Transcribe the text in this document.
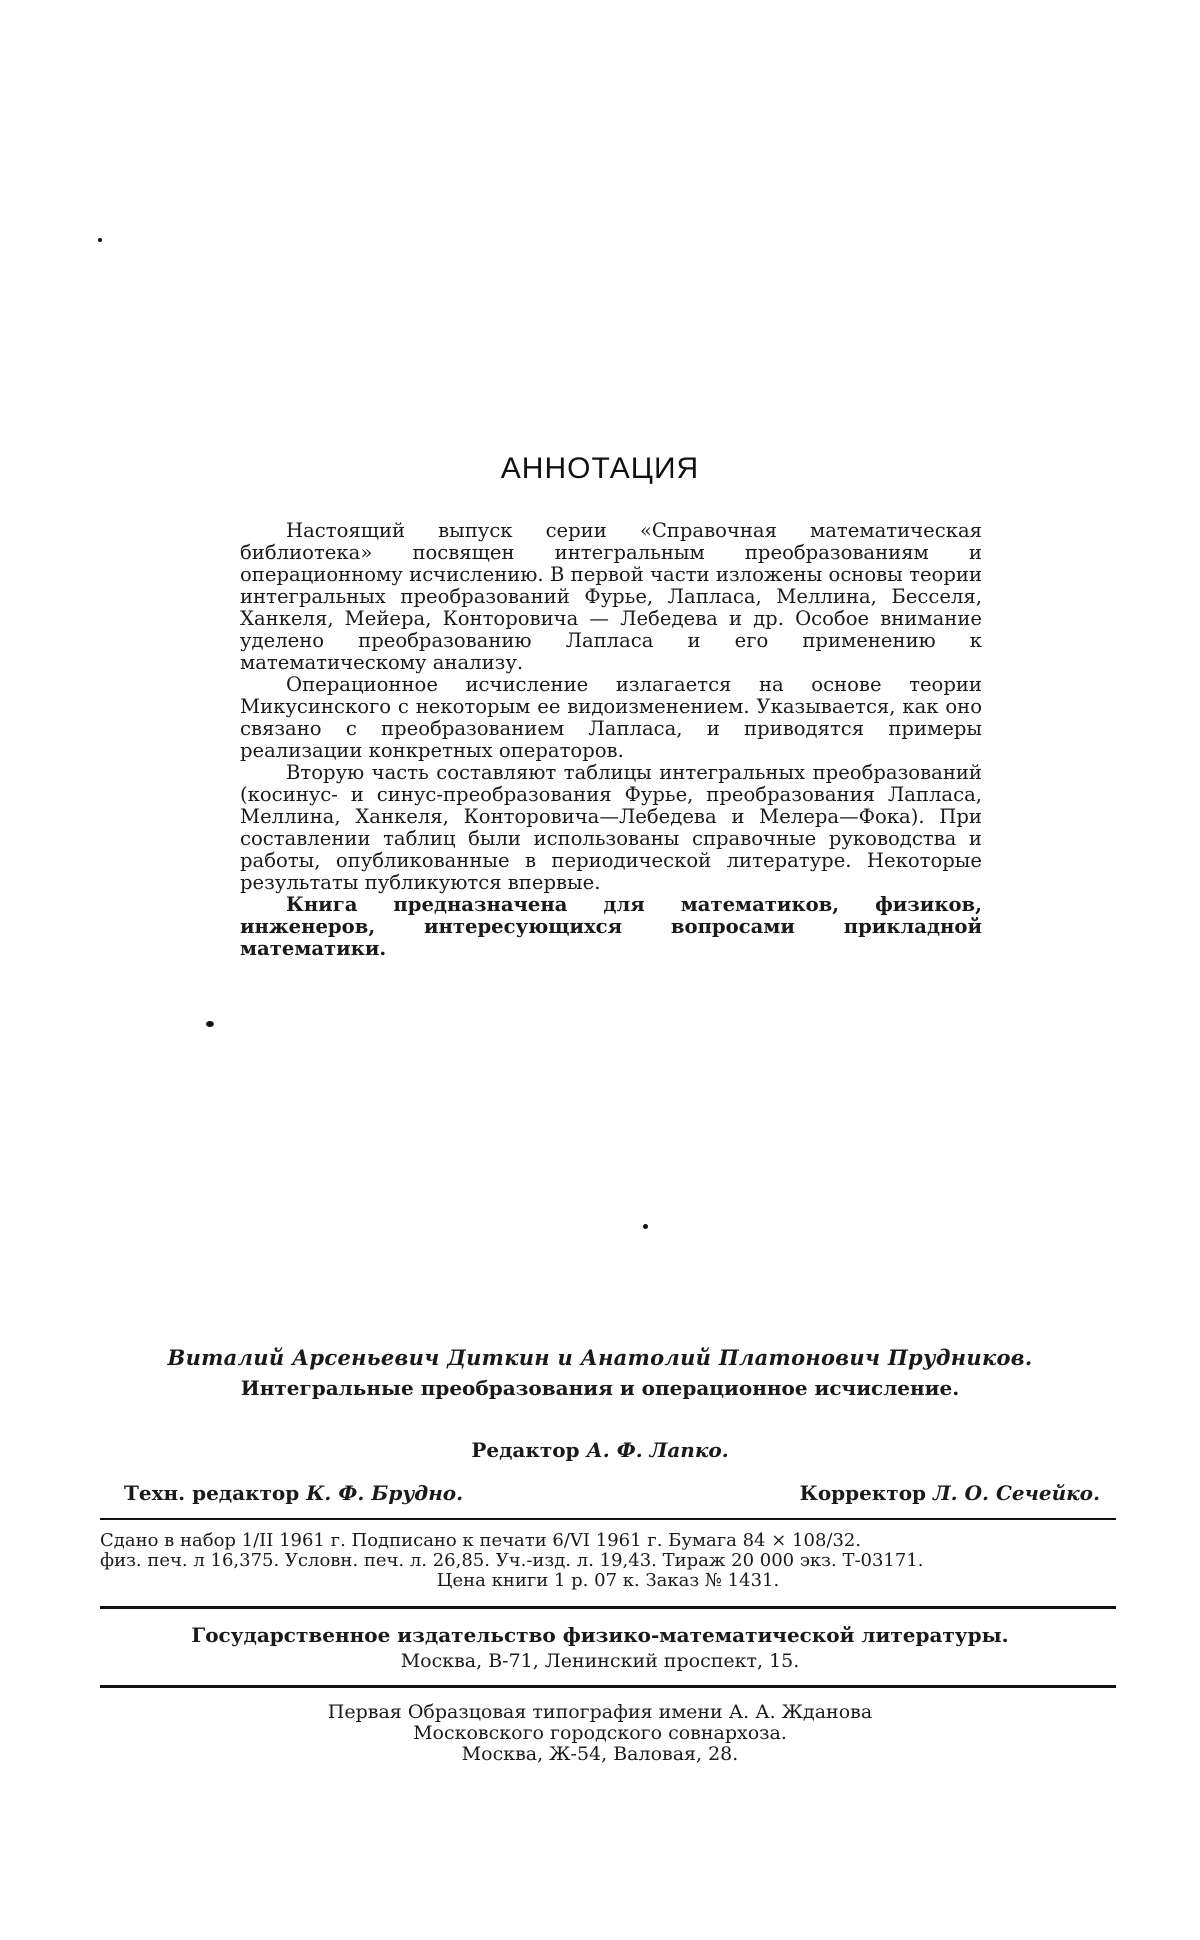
АННОТАЦИЯ

Настоящий выпуск серии «Справочная математическая библиотека» посвящен интегральным преобразованиям и операционному исчислению. В первой части изложены основы теории интегральных преобразований Фурье, Лапласа, Меллина, Бесселя, Ханкеля, Мейера, Конторовича — Лебедева и др. Особое внимание уделено преобразованию Лапласа и его применению к математическому анализу.

Операционное исчисление излагается на основе теории Микусинского с некоторым ее видоизменением. Указывается, как оно связано с преобразованием Лапласа, и приводятся примеры реализации конкретных операторов.

Вторую часть составляют таблицы интегральных преобразований (косинус- и синус-преобразования Фурье, преобразования Лапласа, Меллина, Ханкеля, Конторовича—Лебедева и Мелера—Фока). При составлении таблиц были использованы справочные руководства и работы, опубликованные в периодической литературе. Некоторые результаты публикуются впервые.

Книга предназначена для математиков, физиков, инженеров, интересующихся вопросами прикладной математики.

Виталий Арсеньевич Диткин и Анатолий Платонович Прудников.
Интегральные преобразования и операционное исчисление.
Редактор А. Ф. Лапко.
Техн. редактор К. Ф. Брудно.	Корректор Л. О. Сечейко.
Сдано в набор 1/II 1961 г. Подписано к печати 6/VI 1961 г. Бумага 84 × 108/32.
физ. печ. л 16,375. Условн. печ. л. 26,85. Уч.-изд. л. 19,43. Тираж 20 000 экз. Т-03171.
Цена книги 1 р. 07 к. Заказ № 1431.
Государственное издательство физико-математической литературы.
Москва, В-71, Ленинский проспект, 15.
Первая Образцовая типография имени А. А. Жданова
Московского городского совнархоза.
Москва, Ж-54, Валовая, 28.
